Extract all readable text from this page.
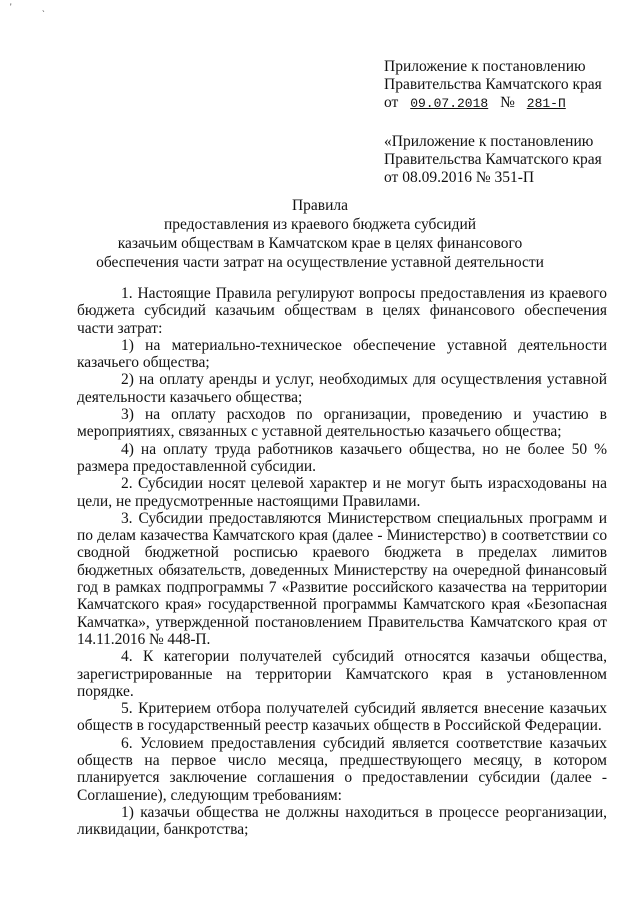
' ˎ
Приложение к постановлению
Правительства Камчатского края
от 09.07.2018 № 281-П
«Приложение к постановлению
Правительства Камчатского края
от 08.09.2016 № 351-П
Правила
предоставления из краевого бюджета субсидий
казачьим обществам в Камчатском крае в целях финансового
обеспечения части затрат на осуществление уставной деятельности

1. Настоящие Правила регулируют вопросы предоставления из краевого бюджета субсидий казачьим обществам в целях финансового обеспечения части затрат:

1) на материально-техническое обеспечение уставной деятельности казачьего общества;

2) на оплату аренды и услуг, необходимых для осуществления уставной деятельности казачьего общества;

3) на оплату расходов по организации, проведению и участию в мероприятиях, связанных с уставной деятельностью казачьего общества;

4) на оплату труда работников казачьего общества, но не более 50 % размера предоставленной субсидии.

2. Субсидии носят целевой характер и не могут быть израсходованы на цели, не предусмотренные настоящими Правилами.

3. Субсидии предоставляются Министерством специальных программ и по делам казачества Камчатского края (далее - Министерство) в соответствии со сводной бюджетной росписью краевого бюджета в пределах лимитов бюджетных обязательств, доведенных Министерству на очередной финансовый год в рамках подпрограммы 7 «Развитие российского казачества на территории Камчатского края» государственной программы Камчатского края «Безопасная Камчатка», утвержденной постановлением Правительства Камчатского края от 14.11.2016 № 448-П.

4. К категории получателей субсидий относятся казачьи общества, зарегистрированные на территории Камчатского края в установленном порядке.

5. Критерием отбора получателей субсидий является внесение казачьих обществ в государственный реестр казачьих обществ в Российской Федерации.

6. Условием предоставления субсидий является соответствие казачьих обществ на первое число месяца, предшествующего месяцу, в котором планируется заключение соглашения о предоставлении субсидии (далее - Соглашение), следующим требованиям:

1) казачьи общества не должны находиться в процессе реорганизации, ликвидации, банкротства;
